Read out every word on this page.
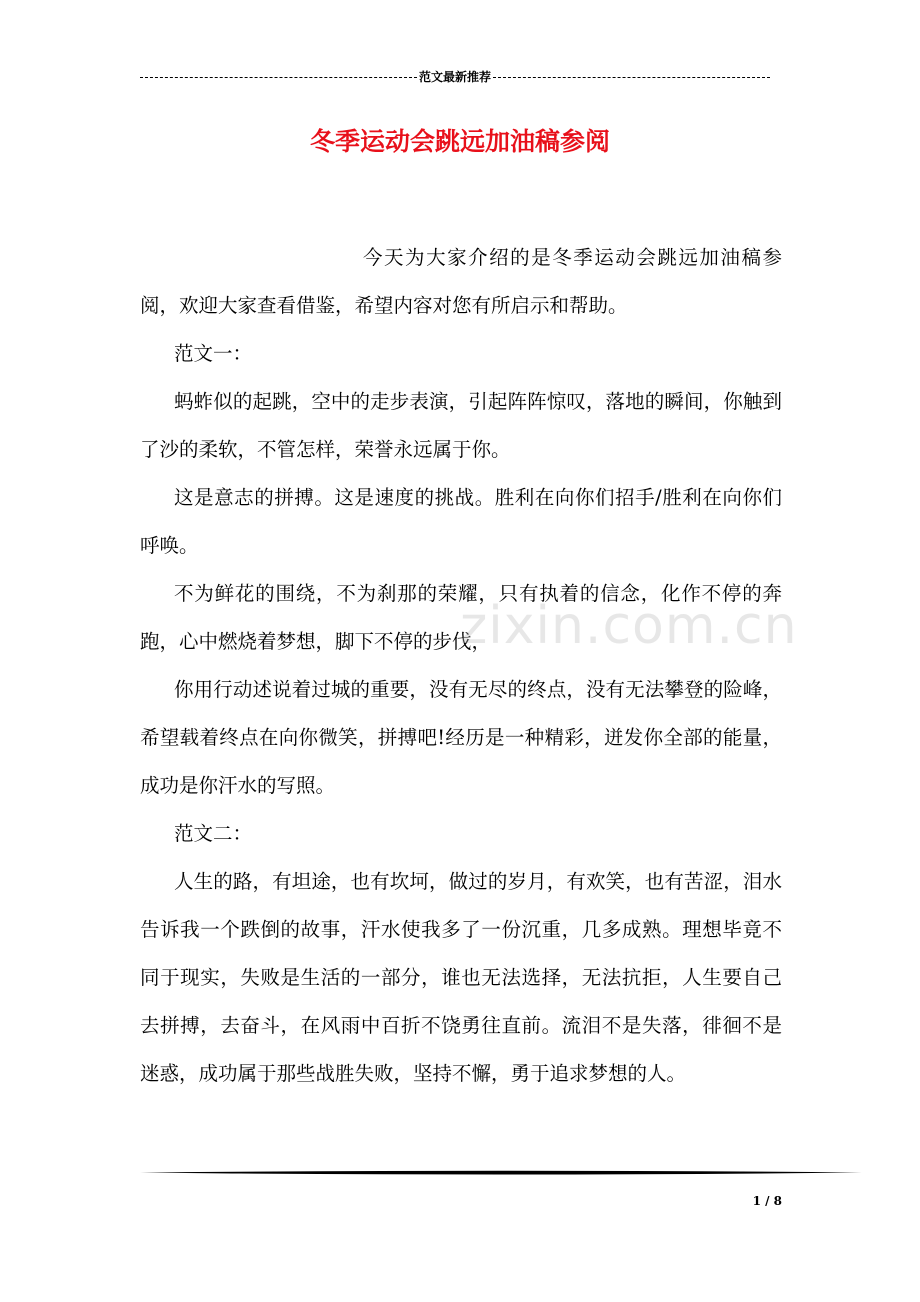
范文最新推荐
冬季运动会跳远加油稿参阅

今天为大家介绍的是冬季运动会跳远加油稿参阅，欢迎大家查看借鉴，希望内容对您有所启示和帮助。

范文一：

蚂蚱似的起跳，空中的走步表演，引起阵阵惊叹，落地的瞬间，你触到了沙的柔软，不管怎样，荣誉永远属于你。

这是意志的拼搏。这是速度的挑战。胜利在向你们招手/胜利在向你们呼唤。

不为鲜花的围绕，不为刹那的荣耀，只有执着的信念，化作不停的奔跑，心中燃烧着梦想，脚下不停的步伐，

你用行动述说着过城的重要，没有无尽的终点，没有无法攀登的险峰，希望载着终点在向你微笑，拼搏吧!经历是一种精彩，迸发你全部的能量，成功是你汗水的写照。

范文二：

人生的路，有坦途，也有坎坷，做过的岁月，有欢笑，也有苦涩，泪水告诉我一个跌倒的故事，汗水使我多了一份沉重，几多成熟。理想毕竟不同于现实，失败是生活的一部分，谁也无法选择，无法抗拒，人生要自己去拼搏，去奋斗，在风雨中百折不饶勇往直前。流泪不是失落，徘徊不是迷惑，成功属于那些战胜失败，坚持不懈，勇于追求梦想的人。

zixin.com.cn
1 / 8
